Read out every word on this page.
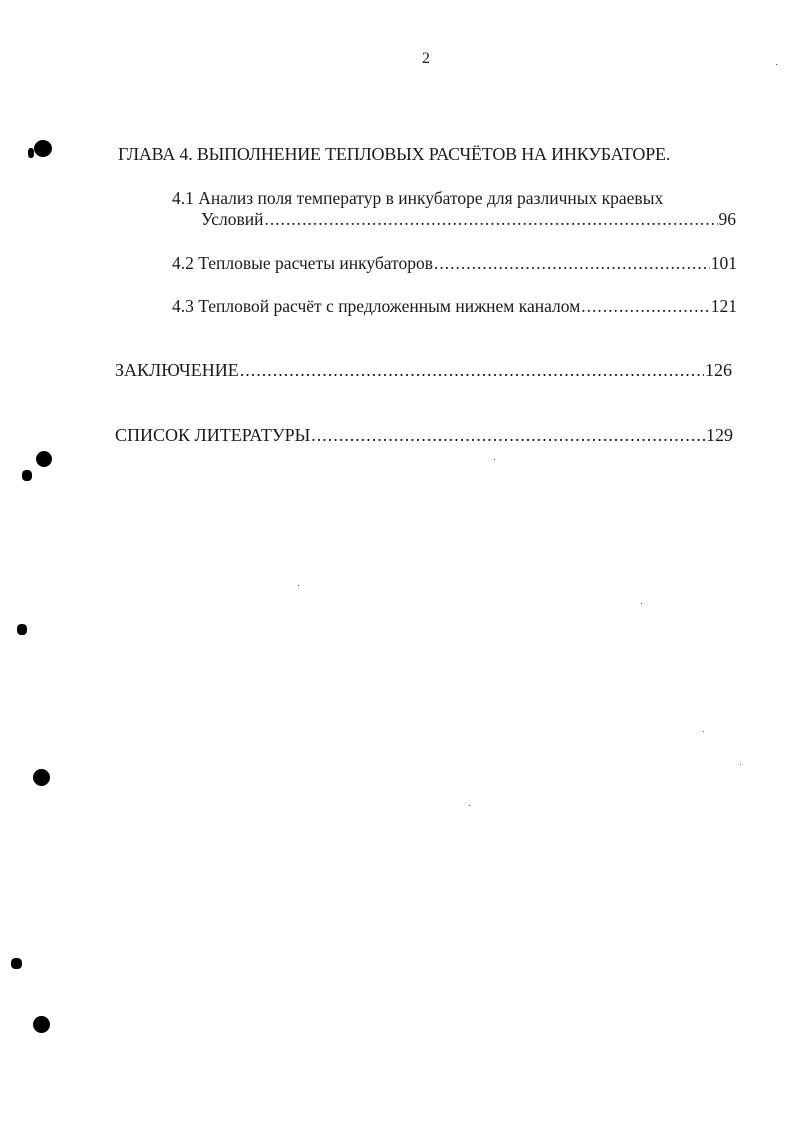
2
ГЛАВА 4. ВЫПОЛНЕНИЕ ТЕПЛОВЫХ РАСЧЁТОВ НА ИНКУБАТОРЕ.
4.1 Анализ поля температур в инкубаторе для различных краевых
Условий .....	96
4.2 Тепловые расчеты инкубаторов .....	101
4.3 Тепловой расчёт с предложенным нижнем каналом .....	121
ЗАКЛЮЧЕНИЕ .....	126
СПИСОК ЛИТЕРАТУРЫ .....	129
